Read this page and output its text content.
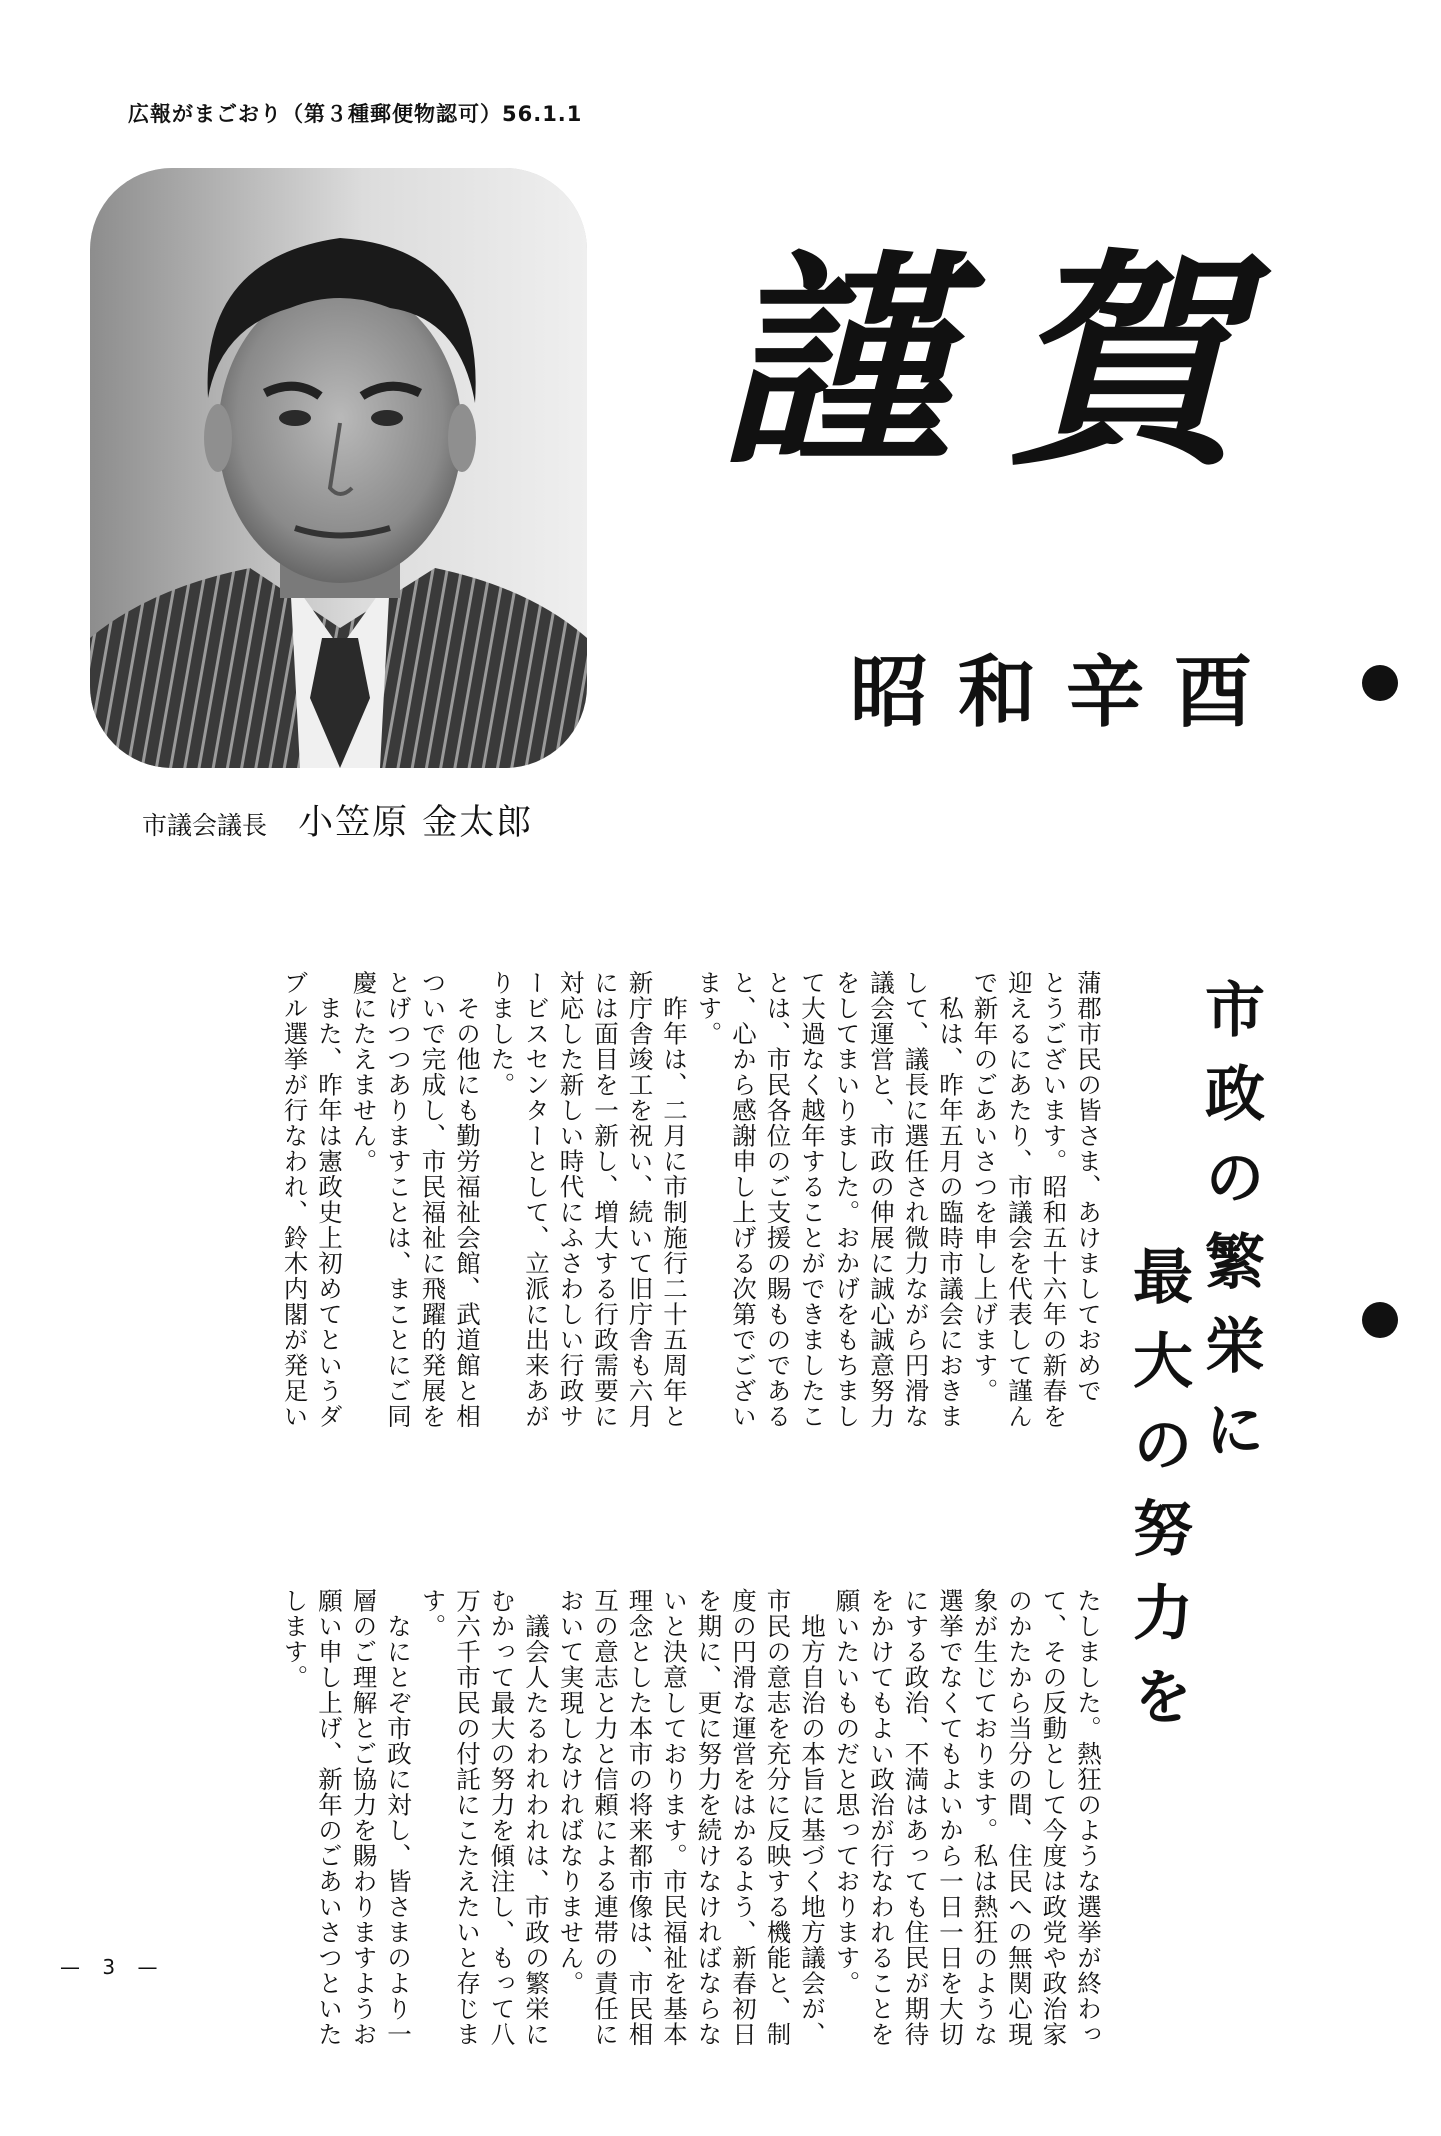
広報がまごおり（第３種郵便物認可）56.1.1
市議会議長 小笠原 金太郎
謹 賀
昭和辛酉
市政の繁栄に
最大の努力を

蒲郡市民の皆さま、あけましておめで

とうございます。昭和五十六年の新春を

迎えるにあたり、市議会を代表して謹ん

で新年のごあいさつを申し上げます。

　私は、昨年五月の臨時市議会におきま

して、議長に選任され微力ながら円滑な

議会運営と、市政の伸展に誠心誠意努力

をしてまいりました。おかげをもちまし

て大過なく越年することができましたこ

とは、市民各位のご支援の賜ものである

と、心から感謝申し上げる次第でござい

ます。

　昨年は、二月に市制施行二十五周年と

新庁舎竣工を祝い、続いて旧庁舎も六月

には面目を一新し、増大する行政需要に

対応した新しい時代にふさわしい行政サ

ービスセンターとして、立派に出来あが

りました。

　その他にも勤労福祉会館、武道館と相

ついで完成し、市民福祉に飛躍的発展を

とげつつありますことは、まことにご同

慶にたえません。

　また、昨年は憲政史上初めてというダ

ブル選挙が行なわれ、鈴木内閣が発足い

たしました。熱狂のような選挙が終わっ

て、その反動として今度は政党や政治家

のかたから当分の間、住民への無関心現

象が生じております。私は熱狂のような

選挙でなくてもよいから一日一日を大切

にする政治、不満はあっても住民が期待

をかけてもよい政治が行なわれることを

願いたいものだと思っております。

　地方自治の本旨に基づく地方議会が、

市民の意志を充分に反映する機能と、制

度の円滑な運営をはかるよう、新春初日

を期に、更に努力を続けなければならな

いと決意しております。市民福祉を基本

理念とした本市の将来都市像は、市民相

互の意志と力と信頼による連帯の責任に

おいて実現しなければなりません。

　議会人たるわれわれは、市政の繁栄に

むかって最大の努力を傾注し、もって八

万六千市民の付託にこたえたいと存じま

す。

　なにとぞ市政に対し、皆さまのより一

層のご理解とご協力を賜わりますようお

願い申し上げ、新年のごあいさつといた

します。

— 3 —
